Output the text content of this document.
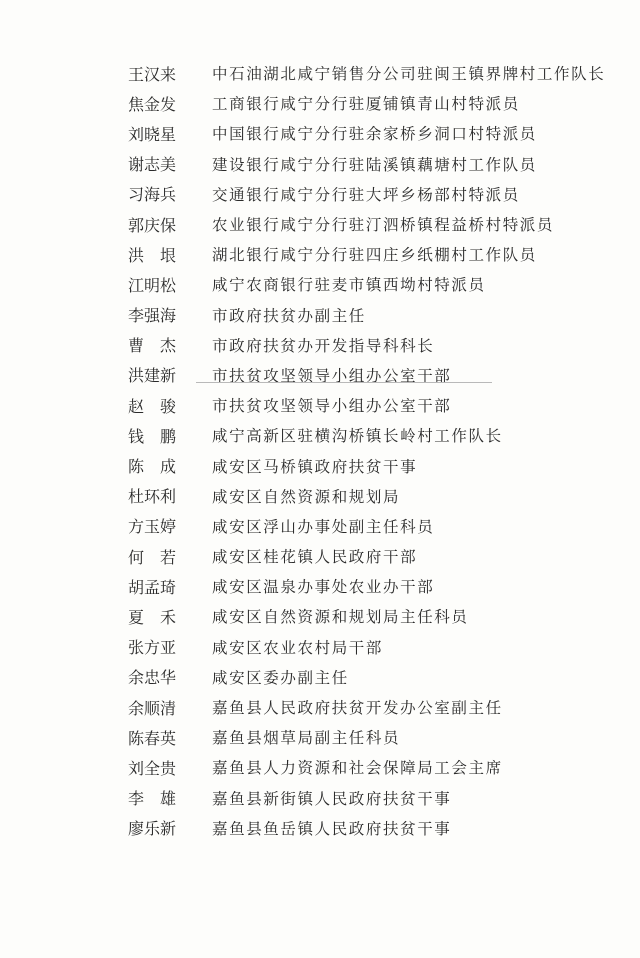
王汉来	中石油湖北咸宁销售分公司驻闽王镇界牌村工作队长
焦金发	工商银行咸宁分行驻厦铺镇青山村特派员
刘晓星	中国银行咸宁分行驻余家桥乡洞口村特派员
谢志美	建设银行咸宁分行驻陆溪镇藕塘村工作队员
习海兵	交通银行咸宁分行驻大坪乡杨部村特派员
郭庆保	农业银行咸宁分行驻汀泗桥镇程益桥村特派员
洪　垠	湖北银行咸宁分行驻四庄乡纸棚村工作队员
江明松	咸宁农商银行驻麦市镇西坳村特派员
李强海	市政府扶贫办副主任
曹　杰	市政府扶贫办开发指导科科长
洪建新	市扶贫攻坚领导小组办公室干部
赵　骏	市扶贫攻坚领导小组办公室干部
钱　鹏	咸宁高新区驻横沟桥镇长岭村工作队长
陈　成	咸安区马桥镇政府扶贫干事
杜环利	咸安区自然资源和规划局
方玉婷	咸安区浮山办事处副主任科员
何　若	咸安区桂花镇人民政府干部
胡孟琦	咸安区温泉办事处农业办干部
夏　禾	咸安区自然资源和规划局主任科员
张方亚	咸安区农业农村局干部
余忠华	咸安区委办副主任
余顺清	嘉鱼县人民政府扶贫开发办公室副主任
陈春英	嘉鱼县烟草局副主任科员
刘全贵	嘉鱼县人力资源和社会保障局工会主席
李　雄	嘉鱼县新街镇人民政府扶贫干事
廖乐新	嘉鱼县鱼岳镇人民政府扶贫干事
